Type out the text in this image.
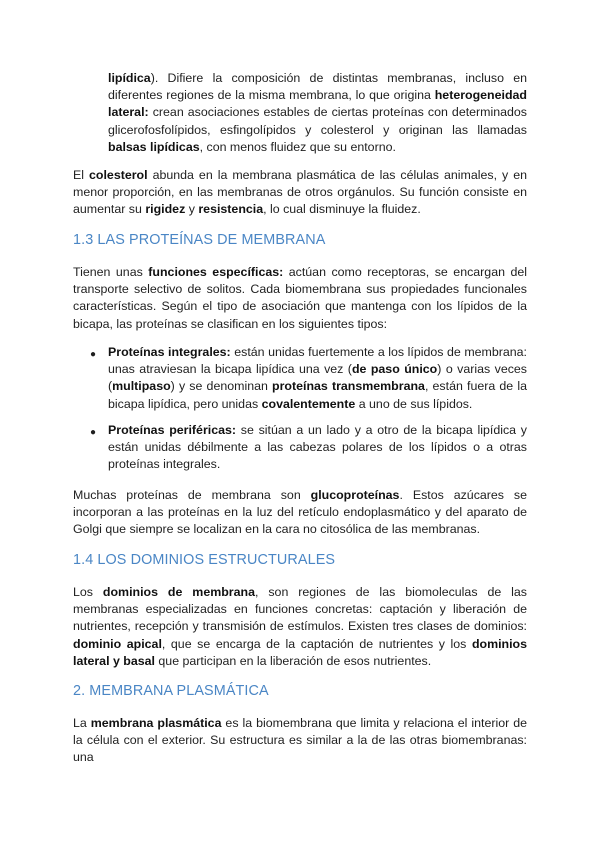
lipídica). Difiere la composición de distintas membranas, incluso en diferentes regiones de la misma membrana, lo que origina heterogeneidad lateral: crean asociaciones estables de ciertas proteínas con determinados glicerofosfolípidos, esfingolípidos y colesterol y originan las llamadas balsas lipídicas, con menos fluidez que su entorno.

El colesterol abunda en la membrana plasmática de las células animales, y en menor proporción, en las membranas de otros orgánulos. Su función consiste en aumentar su rigidez y resistencia, lo cual disminuye la fluidez.

1.3 LAS PROTEÍNAS DE MEMBRANA

Tienen unas funciones específicas: actúan como receptoras, se encargan del transporte selectivo de solitos. Cada biomembrana sus propiedades funcionales características. Según el tipo de asociación que mantenga con los lípidos de la bicapa, las proteínas se clasifican en los siguientes tipos:

● Proteínas integrales: están unidas fuertemente a los lípidos de membrana: unas atraviesan la bicapa lipídica una vez (de paso único) o varias veces (multipaso) y se denominan proteínas transmembrana, están fuera de la bicapa lipídica, pero unidas covalentemente a uno de sus lípidos.

● Proteínas periféricas: se sitúan a un lado y a otro de la bicapa lipídica y están unidas débilmente a las cabezas polares de los lípidos o a otras proteínas integrales.

Muchas proteínas de membrana son glucoproteínas. Estos azúcares se incorporan a las proteínas en la luz del retículo endoplasmático y del aparato de Golgi que siempre se localizan en la cara no citosólica de las membranas.

1.4 LOS DOMINIOS ESTRUCTURALES

Los dominios de membrana, son regiones de las biomoleculas de las membranas especializadas en funciones concretas: captación y liberación de nutrientes, recepción y transmisión de estímulos. Existen tres clases de dominios: dominio apical, que se encarga de la captación de nutrientes y los dominios lateral y basal que participan en la liberación de esos nutrientes.

2. MEMBRANA PLASMÁTICA

La membrana plasmática es la biomembrana que limita y relaciona el interior de la célula con el exterior. Su estructura es similar a la de las otras biomembranas: una
